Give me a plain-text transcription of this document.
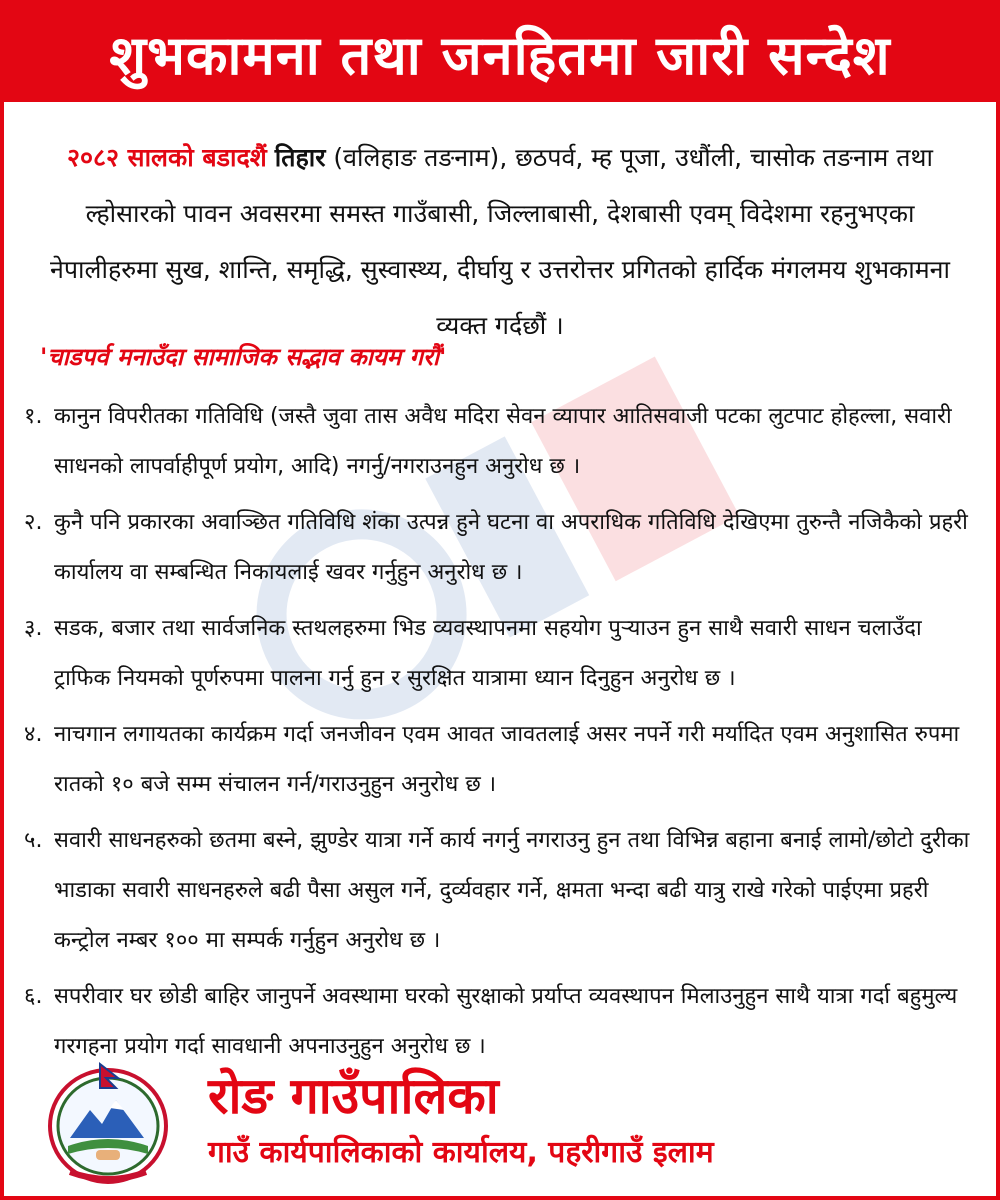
शुभकामना तथा जनहितमा जारी सन्देश
२०८२ सालको बडादशैं तिहार (वलिहाङ तङनाम), छठपर्व, म्ह पूजा, उधौंली, चासोक तङनाम तथा ल्होसारको पावन अवसरमा समस्त गाउँबासी, जिल्लाबासी, देशबासी एवम् विदेशमा रहनुभएका नेपालीहरुमा सुख, शान्ति, समृद्धि, सुस्वास्थ्य, दीर्घायु र उत्तरोत्तर प्रगितको हार्दिक मंगलमय शुभकामना व्यक्त गर्दछौं ।
'चाडपर्व मनाउँदा सामाजिक सद्भाव कायम गरौं'
१. कानुन विपरीतका गतिविधि (जस्तै जुवा तास अवैध मदिरा सेवन व्यापार आतिसवाजी पटका लुटपाट होहल्ला, सवारी साधनको लापर्वाहीपूर्ण प्रयोग, आदि) नगर्नु/नगराउनहुन अनुरोध छ ।
२. कुनै पनि प्रकारका अवाञ्छित गतिविधि शंका उत्पन्न हुने घटना वा अपराधिक गतिविधि देखिएमा तुरुन्तै नजिकैको प्रहरी कार्यालय वा सम्बन्धित निकायलाई खवर गर्नुहुन अनुरोध छ ।
३. सडक, बजार तथा सार्वजनिक स्तथलहरुमा भिड व्यवस्थापनमा सहयोग पुऱ्याउन हुन साथै सवारी साधन चलाउँदा ट्राफिक नियमको पूर्णरुपमा पालना गर्नु हुन र सुरक्षित यात्रामा ध्यान दिनुहुन अनुरोध छ ।
४. नाचगान लगायतका कार्यक्रम गर्दा जनजीवन एवम आवत जावतलाई असर नपर्ने गरी मर्यादित एवम अनुशासित रुपमा रातको १० बजे सम्म संचालन गर्न/गराउनुहुन अनुरोध छ ।
५. सवारी साधनहरुको छतमा बस्ने, झुण्डेर यात्रा गर्ने कार्य नगर्नु नगराउनु हुन तथा विभिन्न बहाना बनाई लामो/छोटो दुरीका भाडाका सवारी साधनहरुले बढी पैसा असुल गर्ने, दुर्व्यवहार गर्ने, क्षमता भन्दा बढी यात्रु राखे गरेको पाईएमा प्रहरी कन्ट्रोल नम्बर १०० मा सम्पर्क गर्नुहुन अनुरोध छ ।
६. सपरीवार घर छोडी बाहिर जानुपर्ने अवस्थामा घरको सुरक्षाको प्रर्याप्त व्यवस्थापन मिलाउनुहुन साथै यात्रा गर्दा बहुमुल्य गरगहना प्रयोग गर्दा सावधानी अपनाउनुहुन अनुरोध छ ।
रोङ गाउँपालिका
गाउँ कार्यपालिकाको कार्यालय, पहरीगाउँ इलाम
